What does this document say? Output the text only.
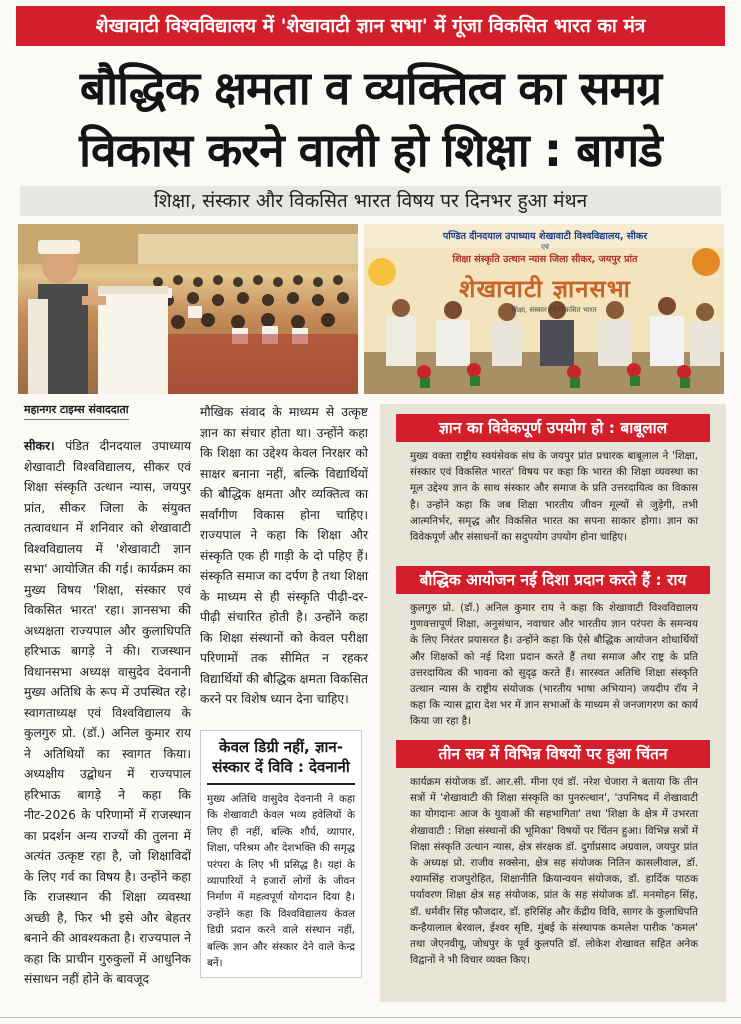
शेखावाटी विश्वविद्यालय में 'शेखावाटी ज्ञान सभा' में गूंजा विकसित भारत का मंत्र
बौद्धिक क्षमता व व्यक्तित्व का समग्र
विकास करने वाली हो शिक्षा : बागडे
शिक्षा, संस्कार और विकसित भारत विषय पर दिनभर हुआ मंथन
पण्डित दीनदयाल उपाध्याय शेखावाटी विश्वविद्यालय, सीकर
एवं
शिक्षा संस्कृति उत्थान न्यास जिला सीकर, जयपुर प्रांत
शेखावाटी ज्ञानसभा
शिक्षा, संस्कार एवं विकसित भारत
महानगर टाइम्स संवाददाता
सीकर। पंडित दीनदयाल उपाध्याय शेखावाटी विश्वविद्यालय, सीकर एवं शिक्षा संस्कृति उत्थान न्यास, जयपुर प्रांत, सीकर जिला के संयुक्त तत्वावधान में शनिवार को शेखावाटी विश्वविद्यालय में 'शेखावाटी ज्ञान सभा' आयोजित की गई। कार्यक्रम का मुख्य विषय 'शिक्षा, संस्कार एवं विकसित भारत' रहा। ज्ञानसभा की अध्यक्षता राज्यपाल और कुलाधिपति हरिभाऊ बागड़े ने की। राजस्थान विधानसभा अध्यक्ष वासुदेव देवनानी मुख्य अतिथि के रूप में उपस्थित रहे। स्वागताध्यक्ष एवं विश्वविद्यालय के कुलगुरु प्रो. (डॉ.) अनिल कुमार राय ने अतिथियों का स्वागत किया। अध्यक्षीय उद्बोधन में राज्यपाल हरिभाऊ बागड़े ने कहा कि नीट-2026 के परिणामों में राजस्थान का प्रदर्शन अन्य राज्यों की तुलना में अत्यंत उत्कृष्ट रहा है, जो शिक्षाविदों के लिए गर्व का विषय है। उन्होंने कहा कि राजस्थान की शिक्षा व्यवस्था अच्छी है, फिर भी इसे और बेहतर बनाने की आवश्यकता है। राज्यपाल ने कहा कि प्राचीन गुरुकुलों में आधुनिक संसाधन नहीं होने के बावजूद
मौखिक संवाद के माध्यम से उत्कृष्ट ज्ञान का संचार होता था। उन्होंने कहा कि शिक्षा का उद्देश्य केवल निरक्षर को साक्षर बनाना नहीं, बल्कि विद्यार्थियों की बौद्धिक क्षमता और व्यक्तित्व का सर्वांगीण विकास होना चाहिए। राज्यपाल ने कहा कि शिक्षा और संस्कृति एक ही गाड़ी के दो पहिए हैं। संस्कृति समाज का दर्पण है तथा शिक्षा के माध्यम से ही संस्कृति पीढ़ी-दर-पीढ़ी संचारित होती है। उन्होंने कहा कि शिक्षा संस्थानों को केवल परीक्षा परिणामों तक सीमित न रहकर विद्यार्थियों की बौद्धिक क्षमता विकसित करने पर विशेष ध्यान देना चाहिए।
केवल डिग्री नहीं, ज्ञान-संस्कार दें विवि : देवनानी
मुख्य अतिथि वासुदेव देवनानी ने कहा कि शेखावाटी केवल भव्य हवेलियों के लिए ही नहीं, बल्कि शौर्य, व्यापार, शिक्षा, परिश्रम और देशभक्ति की समृद्ध परंपरा के लिए भी प्रसिद्ध है। यहां के व्यापारियों ने हजारों लोगों के जीवन निर्माण में महत्वपूर्ण योगदान दिया है। उन्होंने कहा कि विश्वविद्यालय केवल डिग्री प्रदान करने वाले संस्थान नहीं, बल्कि ज्ञान और संस्कार देने वाले केन्द्र बनें।
ज्ञान का विवेकपूर्ण उपयोग हो : बाबूलाल
मुख्य वक्ता राष्ट्रीय स्वयंसेवक संघ के जयपुर प्रांत प्रचारक बाबूलाल ने 'शिक्षा, संस्कार एवं विकसित भारत' विषय पर कहा कि भारत की शिक्षा व्यवस्था का मूल उद्देश्य ज्ञान के साथ संस्कार और समाज के प्रति उत्तरदायित्व का विकास है। उन्होंने कहा कि जब शिक्षा भारतीय जीवन मूल्यों से जुड़ेगी, तभी आत्मनिर्भर, समृद्ध और विकसित भारत का सपना साकार होगा। ज्ञान का विवेकपूर्ण और संसाधनों का सदुपयोग उपयोग होना चाहिए।
बौद्धिक आयोजन नई दिशा प्रदान करते हैं : राय
कुलगुरु प्रो. (डॉ.) अनिल कुमार राय ने कहा कि शेखावाटी विश्वविद्यालय गुणवत्तापूर्ण शिक्षा, अनुसंधान, नवाचार और भारतीय ज्ञान परंपरा के समन्वय के लिए निरंतर प्रयासरत है। उन्होंने कहा कि ऐसे बौद्धिक आयोजन शोधार्थियों और शिक्षकों को नई दिशा प्रदान करते हैं तथा समाज और राष्ट्र के प्रति उत्तरदायित्व की भावना को सुदृढ़ करते हैं। सारस्वत अतिथि शिक्षा संस्कृति उत्थान न्यास के राष्ट्रीय संयोजक (भारतीय भाषा अभियान) जयदीप रॉय ने कहा कि न्यास द्वारा देश भर में ज्ञान सभाओं के माध्यम से जनजागरण का कार्य किया जा रहा है।
तीन सत्र में विभिन्न विषयों पर हुआ चिंतन
कार्यक्रम संयोजक डॉ. आर.सी. मीना एवं डॉ. नरेश चेजारा ने बताया कि तीन सत्रों में 'शेखावाटी की शिक्षा संस्कृति का पुनरुत्थान', 'उपनिषद में शेखावाटी का योगदानः आज के युवाओं की सहभागिता' तथा 'शिक्षा के क्षेत्र में उभरता शेखावाटी : शिक्षा संस्थानों की भूमिका' विषयों पर चिंतन हुआ। विभिन्न सत्रों में शिक्षा संस्कृति उत्थान न्यास, क्षेत्र संरक्षक डॉ. दुर्गाप्रसाद अग्रवाल, जयपुर प्रांत के अध्यक्ष प्रो. राजीव सक्सेना, क्षेत्र सह संयोजक नितिन कासलीवाल, डॉ. श्यामसिंह राजपुरोहित, शिक्षानीति क्रियान्वयन संयोजक, डॉ. हार्दिक पाठक पर्यावरण शिक्षा क्षेत्र सह संयोजक, प्रांत के सह संयोजक डॉ. मनमोहन सिंह, डॉ. धर्मवीर सिंह फौजदार, डॉ. हरिसिंह और केंद्रीय विवि, सागर के कुलाधिपति कन्हैयालाल बेरवाल, ईश्वर सृष्टि, मुंबई के संस्थापक कमलेश पारीक 'कमल' तथा जेएनवीयू, जोधपुर के पूर्व कुलपति डॉ. लोकेश शेखावत सहित अनेक विद्वानों ने भी विचार व्यक्त किए।
